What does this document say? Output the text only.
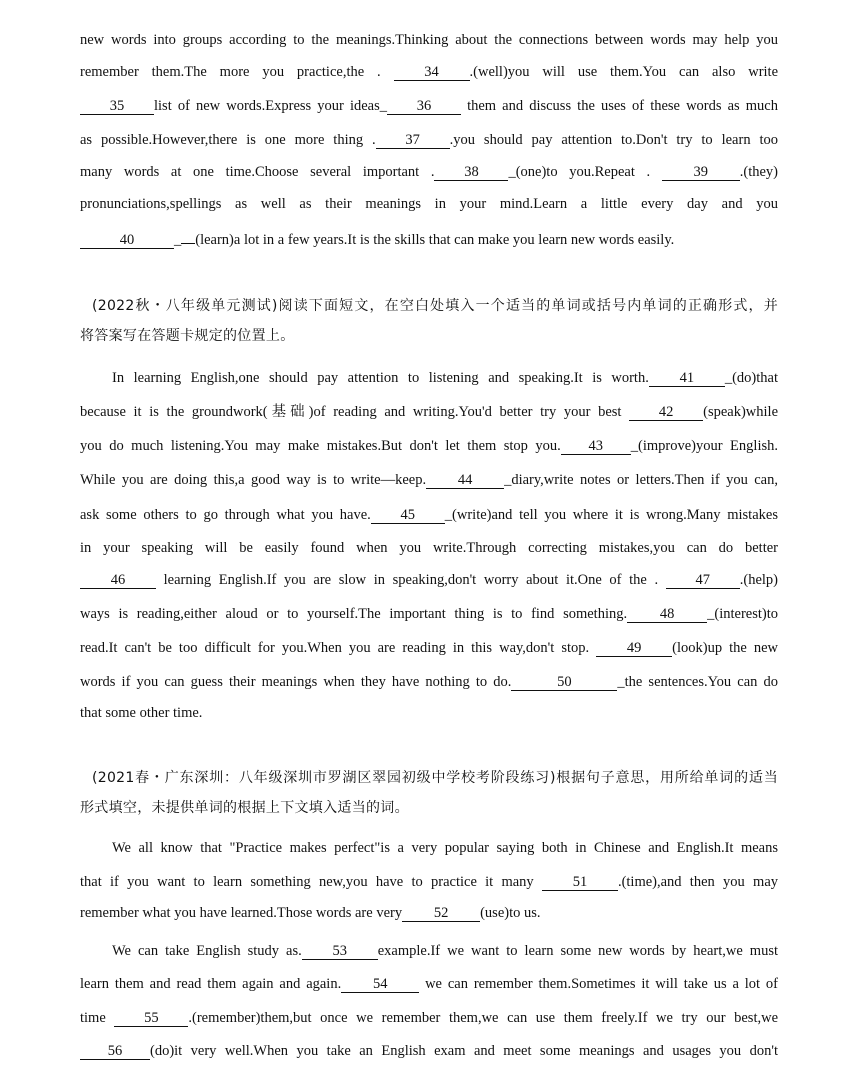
new words into groups according to the meanings.Thinking about the connections between words may help you
remember them.The more you practice,the .	34 .(well)you will use them.You can also write
35 list of new words.Express your ideas_ 36 them and discuss the uses of these words as much
as possible.However,there is one more thing . 37 .you should pay attention to.Don't try to learn too
many words at one time.Choose several important . 38 _(one)to you.Repeat .	39 .(they)
pronunciations,spellings as well as their meanings in your mind.Learn a little every day and you
40	_ (learn)a lot in a few years.It is the skills that can make you learn new words easily.
(2022秋・八年级单元测试)阅读下面短文，在空白处填入一个适当的单词或括号内单词的正确形式，并
将答案写在答题卡规定的位置上。
In learning English,one should pay attention to listening and speaking.It is worth. 41 _(do)that
because it is the groundwork(基础)of reading and writing.You'd better try your best	42 (speak)while
you do much listening.You may make mistakes.But don't let them stop you. 43 _(improve)your English.
While you are doing this,a good way is to write—keep. 44 _diary,write notes or letters.Then if you can,
ask some others to go through what you have. 45 _(write)and tell you where it is wrong.Many mistakes
in your speaking will be easily found when you write.Through correcting mistakes,you can do better
46	learning English.If you are slow in speaking,don't worry about it.One of the .	47 .(help)
ways is reading,either aloud or to yourself.The important thing is to find something. 48 _(interest)to
read.It can't be too difficult for you.When you are reading in this way,don't stop.	49 (look)up the new
words if you can guess their meanings when they have nothing to do.	50	_the sentences.You can do
that some other time.
(2021春・广东深圳：八年级深圳市罗湖区翠园初级中学校考阶段练习)根据句子意思，用所给单词的适当
形式填空，未提供单词的根据上下文填入适当的词。
We all know that "Practice makes perfect"is a very popular saying both in Chinese and English.It means
that if you want to learn something new,you have to practice it many	51 .(time),and then you may
remember what you have learned.Those words are very 52 (use)to us.
We can take English study as. 53 example.If we want to learn some new words by heart,we must
learn them and read them again and again. 54	we can remember them.Sometimes it will take us a lot of
time	55 .(remember)them,but once we remember them,we can use them freely.If we try our best,we
56 (do)it very well.When you take an English exam and meet some meanings and usages you don't
